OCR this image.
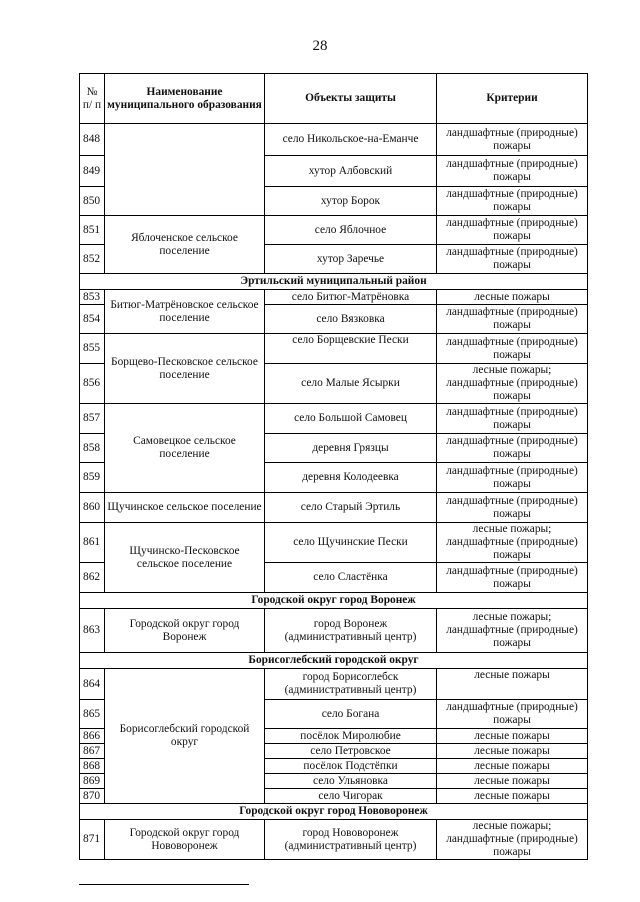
28
№ п/ п	Наименование муниципального образования	Объекты защиты	Критерии
848		село Никольское-на-Еманче	ландшафтные (природные) пожары
849		хутор Албовский	ландшафтные (природные) пожары
850		хутор Борок	ландшафтные (природные) пожары
851	Яблоченское сельское поселение	село Яблочное	ландшафтные (природные) пожары
852		хутор Заречье	ландшафтные (природные) пожары
Эртильский муниципальный район			
853	Битюг-Матрёновское сельское поселение	село Битюг-Матрёновка	лесные пожары
854		село Вязковка	ландшафтные (природные) пожары
855	Борщево-Песковское сельское поселение	село Борщевские Пески	ландшафтные (природные) пожары
856		село Малые Ясырки	лесные пожары; ландшафтные (природные) пожары
857	Самовецкое сельское поселение	село Большой Самовец	ландшафтные (природные) пожары
858		деревня Грязцы	ландшафтные (природные) пожары
859		деревня Колодеевка	ландшафтные (природные) пожары
860	Щучинское сельское поселение	село Старый Эртиль	ландшафтные (природные) пожары
861	Щучинско-Песковское сельское поселение	село Щучинские Пески	лесные пожары; ландшафтные (природные) пожары
862		село Сластёнка	ландшафтные (природные) пожары
Городской округ город Воронеж			
863	Городской округ город Воронеж	город Воронеж (административный центр)	лесные пожары; ландшафтные (природные) пожары
Борисоглебский городской округ			
864	Борисоглебский городской округ	город Борисоглебск (административный центр)	лесные пожары
865		село Богана	ландшафтные (природные) пожары
866		посёлок Миролюбие	лесные пожары
867		село Петровское	лесные пожары
868		посёлок Подстёпки	лесные пожары
869		село Ульяновка	лесные пожары
870		село Чигорак	лесные пожары
Городской округ город Нововоронеж			
871	Городской округ город Нововоронеж	город Нововоронеж (административный центр)	лесные пожары; ландшафтные (природные) пожары
